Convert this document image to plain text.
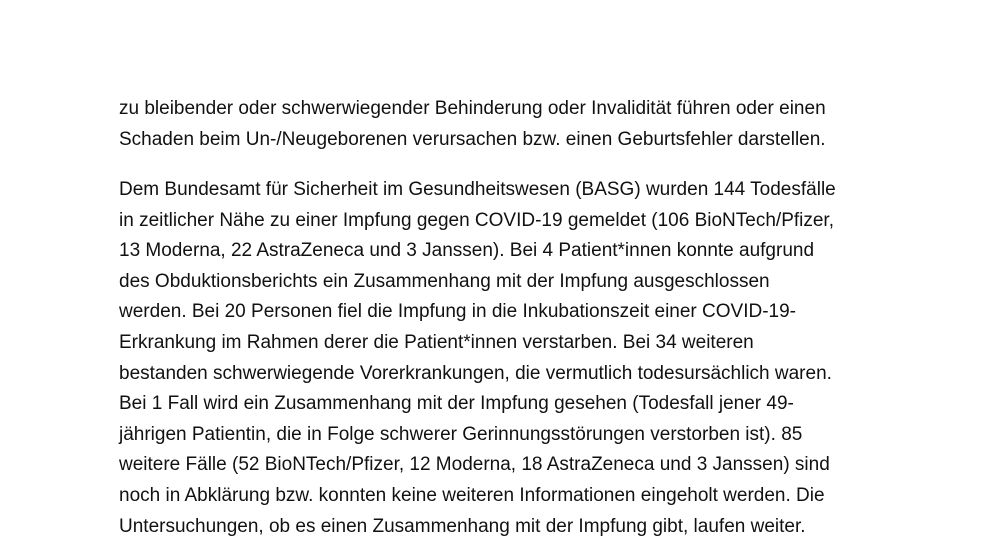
zu bleibender oder schwerwiegender Behinderung oder Invalidität führen oder einen
Schaden beim Un-/Neugeborenen verursachen bzw. einen Geburtsfehler darstellen.
Dem Bundesamt für Sicherheit im Gesundheitswesen (BASG) wurden 144 Todesfälle
in zeitlicher Nähe zu einer Impfung gegen COVID-19 gemeldet (106 BioNTech/Pfizer,
13 Moderna, 22 AstraZeneca und 3 Janssen). Bei 4 Patient*innen konnte aufgrund
des Obduktionsberichts ein Zusammenhang mit der Impfung ausgeschlossen
werden. Bei 20 Personen fiel die Impfung in die Inkubationszeit einer COVID-19-
Erkrankung im Rahmen derer die Patient*innen verstarben. Bei 34 weiteren
bestanden schwerwiegende Vorerkrankungen, die vermutlich todesursächlich waren.
Bei 1 Fall wird ein Zusammenhang mit der Impfung gesehen (Todesfall jener 49-
jährigen Patientin, die in Folge schwerer Gerinnungsstörungen verstorben ist). 85
weitere Fälle (52 BioNTech/Pfizer, 12 Moderna, 18 AstraZeneca und 3 Janssen) sind
noch in Abklärung bzw. konnten keine weiteren Informationen eingeholt werden. Die
Untersuchungen, ob es einen Zusammenhang mit der Impfung gibt, laufen weiter.
